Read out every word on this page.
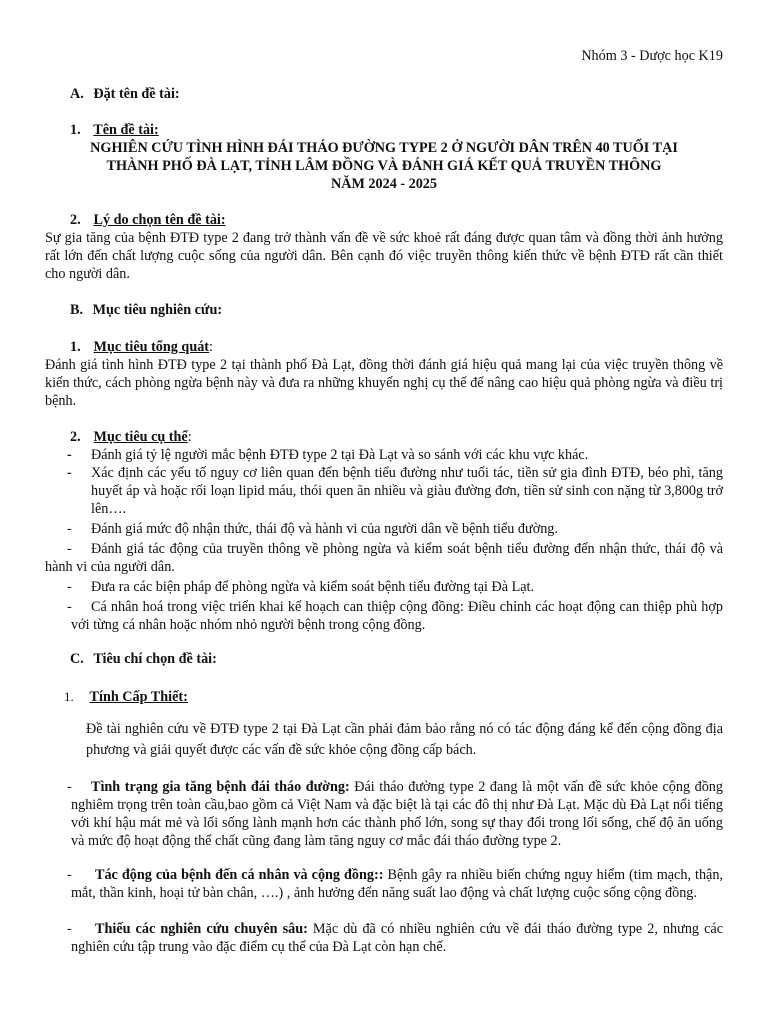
Nhóm 3 - Dược học K19
A. Đặt tên đề tài:
1. Tên đề tài:

NGHIÊN CỨU TÌNH HÌNH ĐÁI THÁO ĐƯỜNG TYPE 2 Ở NGƯỜI DÂN TRÊN 40 TUỔI TẠI

THÀNH PHỐ ĐÀ LẠT, TỈNH LÂM ĐỒNG VÀ ĐÁNH GIÁ KẾT QUẢ TRUYỀN THÔNG

NĂM 2024 - 2025

2. Lý do chọn tên đề tài:

Sự gia tăng của bệnh ĐTĐ type 2 đang trở thành vấn đề về sức khoẻ rất đáng được quan tâm và đồng thời ảnh hưởng rất lớn đến chất lượng cuộc sống của người dân. Bên cạnh đó việc truyền thông kiến thức về bệnh ĐTĐ rất cần thiết cho người dân.

B. Mục tiêu nghiên cứu:
1. Mục tiêu tổng quát:

Đánh giá tình hình ĐTĐ type 2 tại thành phố Đà Lạt, đồng thời đánh giá hiệu quả mang lại của việc truyền thông về kiến thức, cách phòng ngừa bệnh này và đưa ra những khuyến nghị cụ thể để nâng cao hiệu quả phòng ngừa và điều trị bệnh.

2. Mục tiêu cụ thể:
- Đánh giá tỷ lệ người mắc bệnh ĐTĐ type 2 tại Đà Lạt và so sánh với các khu vực khác.

- Xác định các yếu tố nguy cơ liên quan đến bệnh tiểu đường như tuổi tác, tiền sử gia đình ĐTĐ, béo phì, tăng huyết áp và hoặc rối loạn lipid máu, thói quen ăn nhiều và giàu đường đơn, tiền sử sinh con nặng từ 3,800g trở lên….

- Đánh giá mức độ nhận thức, thái độ và hành vi của người dân về bệnh tiểu đường.

-	Đánh giá tác động của truyền thông về phòng ngừa và kiểm soát bệnh tiểu đường đến nhận thức, thái độ và hành vi của người dân.

- Đưa ra các biện pháp để phòng ngừa và kiểm soát bệnh tiểu đường tại Đà Lạt.

-	Cá nhân hoá trong việc triển khai kế hoạch can thiệp cộng đồng: Điều chỉnh các hoạt động can thiệp phù hợp với từng cá nhân hoặc nhóm nhỏ người bệnh trong cộng đồng.

C. Tiêu chí chọn đề tài:
1. Tính Cấp Thiết:

Đề tài nghiên cứu về ĐTĐ type 2 tại Đà Lạt cần phải đảm bảo rằng nó có tác động đáng kể đến cộng đồng địa phương và giải quyết được các vấn đề sức khỏe cộng đồng cấp bách.

Tình trạng gia tăng bệnh đái tháo đường: Đái tháo đường type 2 đang là một vấn đề sức khỏe cộng đồng nghiêm trọng trên toàn cầu,bao gồm cả Việt Nam và đặc biệt là tại các đô thị như Đà Lạt. Mặc dù Đà Lạt nổi tiếng với khí hậu mát mẻ và lối sống lành mạnh hơn các thành phố lớn, song sự thay đổi trong lối sống, chế độ ăn uống và mức độ hoạt động thể chất cũng đang làm tăng nguy cơ mắc đái tháo đường type 2.

-

Tác động của bệnh đến cá nhân và cộng đồng:: Bệnh gây ra nhiều biến chứng nguy hiểm (tim mạch, thận, mắt, thần kinh, hoại tử bàn chân, ….) , ảnh hưởng đến năng suất lao động và chất lượng cuộc sống cộng đồng.

-

Thiếu các nghiên cứu chuyên sâu: Mặc dù đã có nhiều nghiên cứu về đái tháo đường type 2, nhưng các nghiên cứu tập trung vào đặc điểm cụ thể của Đà Lạt còn hạn chế.

-
